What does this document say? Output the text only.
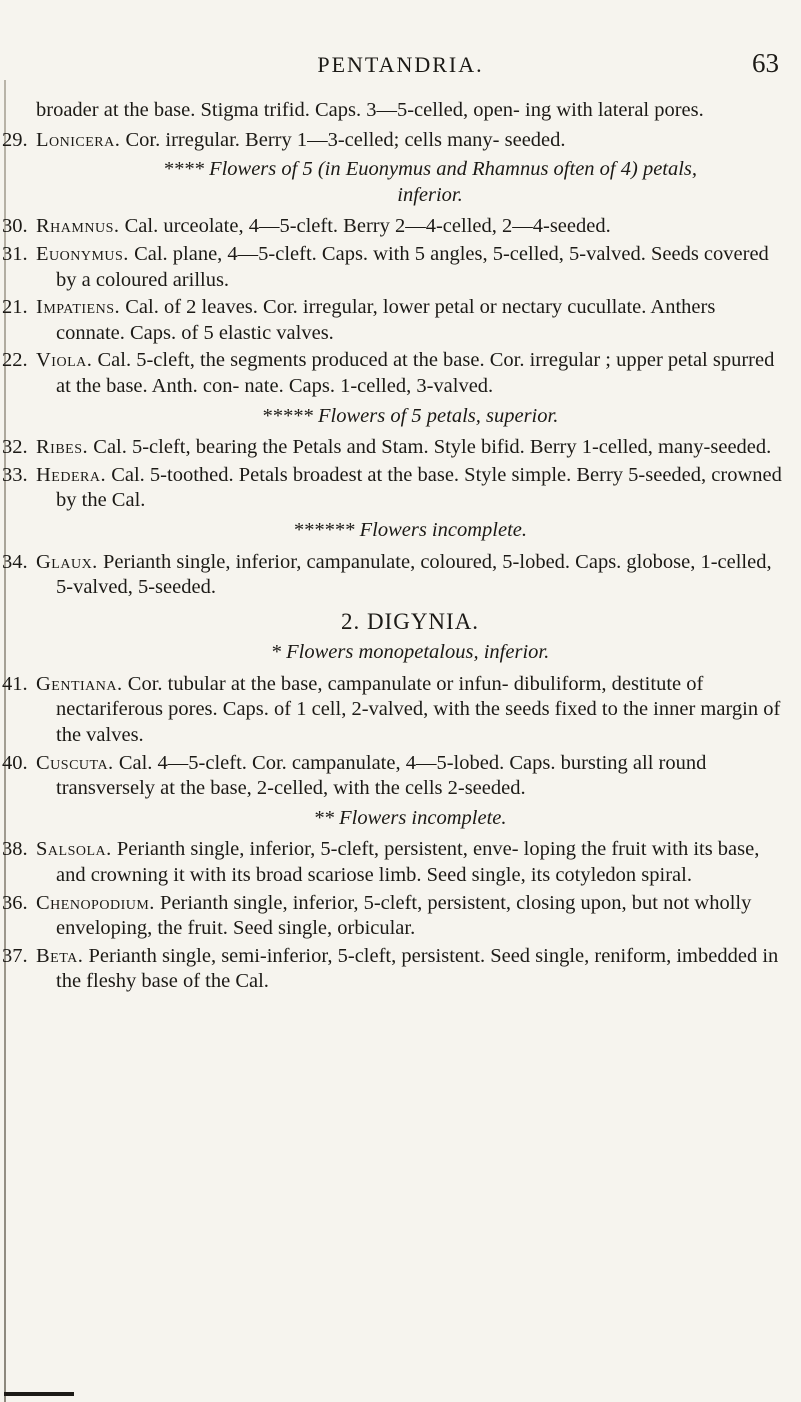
PENTANDRIA.	63

broader at the base. Stigma trifid. Caps. 3—5-celled, open- ing with lateral pores.

29. Lonicera. Cor. irregular. Berry 1—3-celled; cells many- seeded.

**** Flowers of 5 (in Euonymus and Rhamnus often of 4) petals, inferior.

30. Rhamnus. Cal. urceolate, 4—5-cleft. Berry 2—4-celled, 2—4-seeded.

31. Euonymus. Cal. plane, 4—5-cleft. Caps. with 5 angles, 5-celled, 5-valved. Seeds covered by a coloured arillus.

21. Impatiens. Cal. of 2 leaves. Cor. irregular, lower petal or nectary cucullate. Anthers connate. Caps. of 5 elastic valves.

22. Viola. Cal. 5-cleft, the segments produced at the base. Cor. irregular ; upper petal spurred at the base. Anth. con- nate. Caps. 1-celled, 3-valved.

***** Flowers of 5 petals, superior.

32. Ribes. Cal. 5-cleft, bearing the Petals and Stam. Style bifid. Berry 1-celled, many-seeded.

33. Hedera. Cal. 5-toothed. Petals broadest at the base. Style simple. Berry 5-seeded, crowned by the Cal.

****** Flowers incomplete.

34. Glaux. Perianth single, inferior, campanulate, coloured, 5-lobed. Caps. globose, 1-celled, 5-valved, 5-seeded.

2. DIGYNIA.

* Flowers monopetalous, inferior.

41. Gentiana. Cor. tubular at the base, campanulate or infun- dibuliform, destitute of nectariferous pores. Caps. of 1 cell, 2-valved, with the seeds fixed to the inner margin of the valves.

40. Cuscuta. Cal. 4—5-cleft. Cor. campanulate, 4—5-lobed. Caps. bursting all round transversely at the base, 2-celled, with the cells 2-seeded.

** Flowers incomplete.

38. Salsola. Perianth single, inferior, 5-cleft, persistent, enve- loping the fruit with its base, and crowning it with its broad scariose limb. Seed single, its cotyledon spiral.

36. Chenopodium. Perianth single, inferior, 5-cleft, persistent, closing upon, but not wholly enveloping, the fruit. Seed single, orbicular.

37. Beta. Perianth single, semi-inferior, 5-cleft, persistent. Seed single, reniform, imbedded in the fleshy base of the Cal.
